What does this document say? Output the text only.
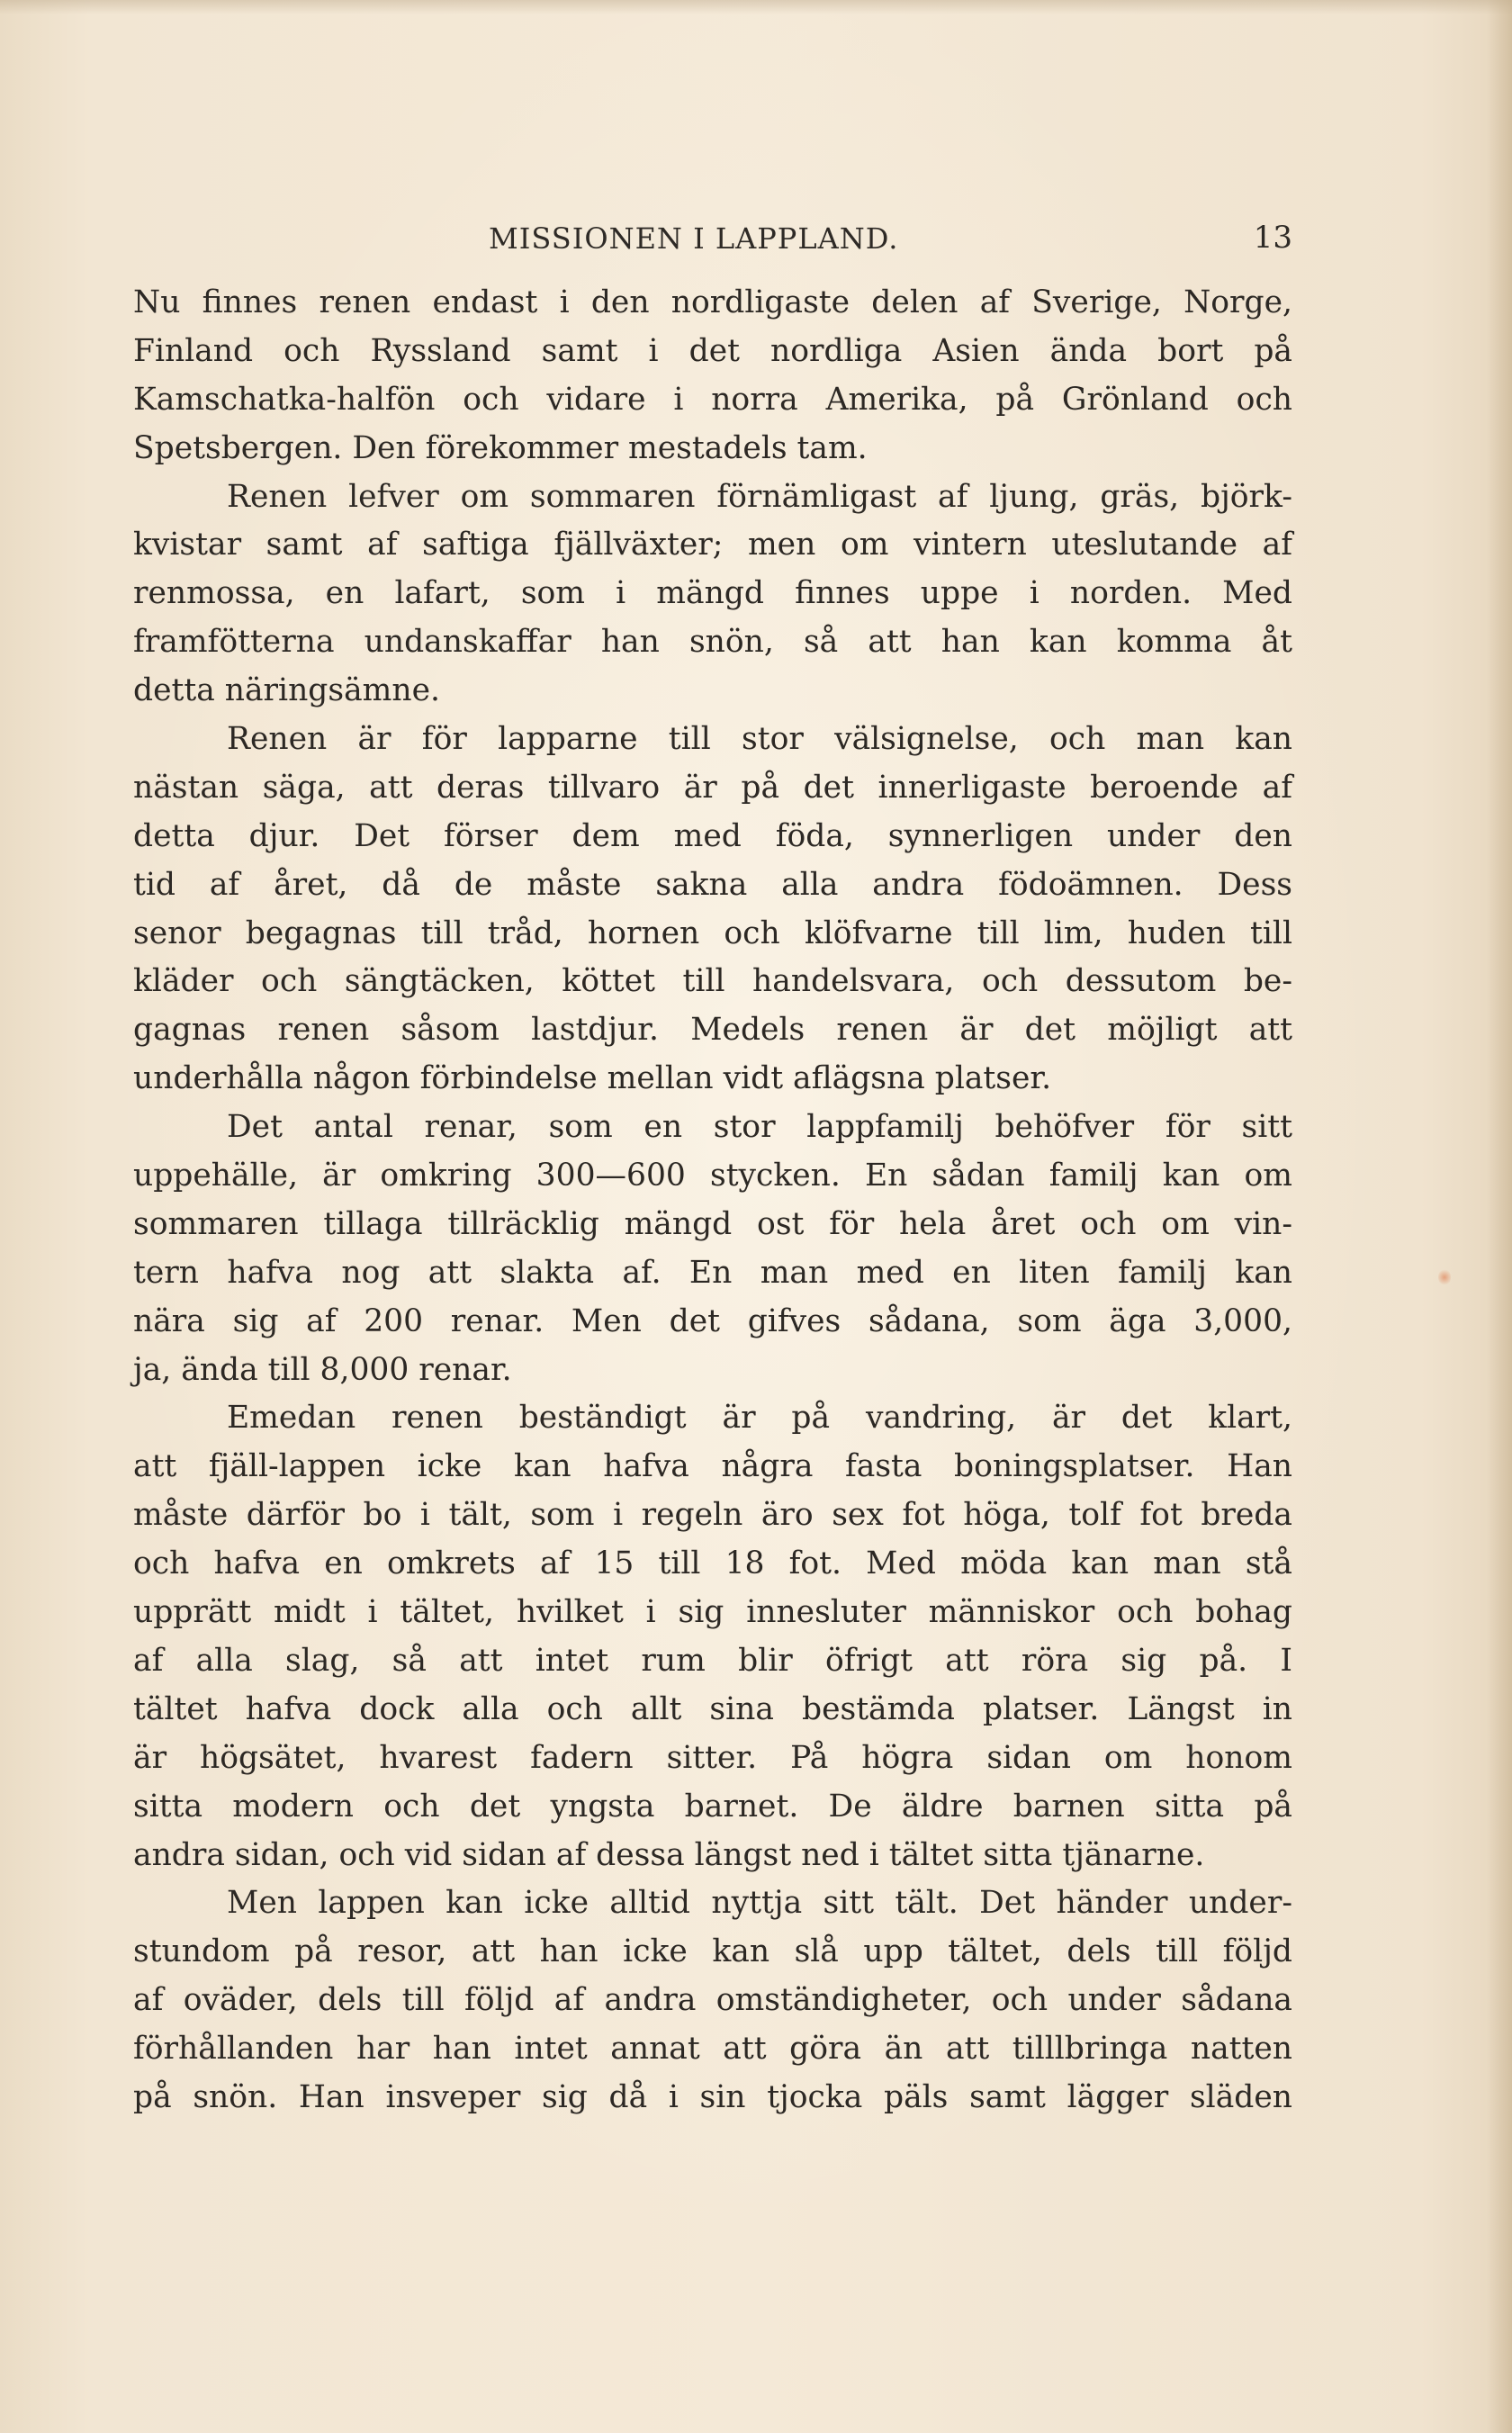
MISSIONEN I LAPPLAND.	13
Nu finnes renen endast i den nordligaste delen af Sverige, Norge,
Finland och Ryssland samt i det nordliga Asien ända bort på
Kamschatka-halfön och vidare i norra Amerika, på Grönland och
Spetsbergen. Den förekommer mestadels tam.
Renen lefver om sommaren förnämligast af ljung, gräs, björk-
kvistar samt af saftiga fjällväxter; men om vintern uteslutande af
renmossa, en lafart, som i mängd finnes uppe i norden. Med
framfötterna undanskaffar han snön, så att han kan komma åt
detta näringsämne.
Renen är för lapparne till stor välsignelse, och man kan
nästan säga, att deras tillvaro är på det innerligaste beroende af
detta djur. Det förser dem med föda, synnerligen under den
tid af året, då de måste sakna alla andra födoämnen. Dess
senor begagnas till tråd, hornen och klöfvarne till lim, huden till
kläder och sängtäcken, köttet till handelsvara, och dessutom be-
gagnas renen såsom lastdjur. Medels renen är det möjligt att
underhålla någon förbindelse mellan vidt aflägsna platser.
Det antal renar, som en stor lappfamilj behöfver för sitt
uppehälle, är omkring 300—600 stycken. En sådan familj kan om
sommaren tillaga tillräcklig mängd ost för hela året och om vin-
tern hafva nog att slakta af. En man med en liten familj kan
nära sig af 200 renar. Men det gifves sådana, som äga 3,000,
ja, ända till 8,000 renar.
Emedan renen beständigt är på vandring, är det klart,
att fjäll-lappen icke kan hafva några fasta boningsplatser. Han
måste därför bo i tält, som i regeln äro sex fot höga, tolf fot breda
och hafva en omkrets af 15 till 18 fot. Med möda kan man stå
upprätt midt i tältet, hvilket i sig innesluter människor och bohag
af alla slag, så att intet rum blir öfrigt att röra sig på. I
tältet hafva dock alla och allt sina bestämda platser. Längst in
är högsätet, hvarest fadern sitter. På högra sidan om honom
sitta modern och det yngsta barnet. De äldre barnen sitta på
andra sidan, och vid sidan af dessa längst ned i tältet sitta tjänarne.
Men lappen kan icke alltid nyttja sitt tält. Det händer under-
stundom på resor, att han icke kan slå upp tältet, dels till följd
af oväder, dels till följd af andra omständigheter, och under sådana
förhållanden har han intet annat att göra än att tilllbringa natten
på snön. Han insveper sig då i sin tjocka päls samt lägger släden
